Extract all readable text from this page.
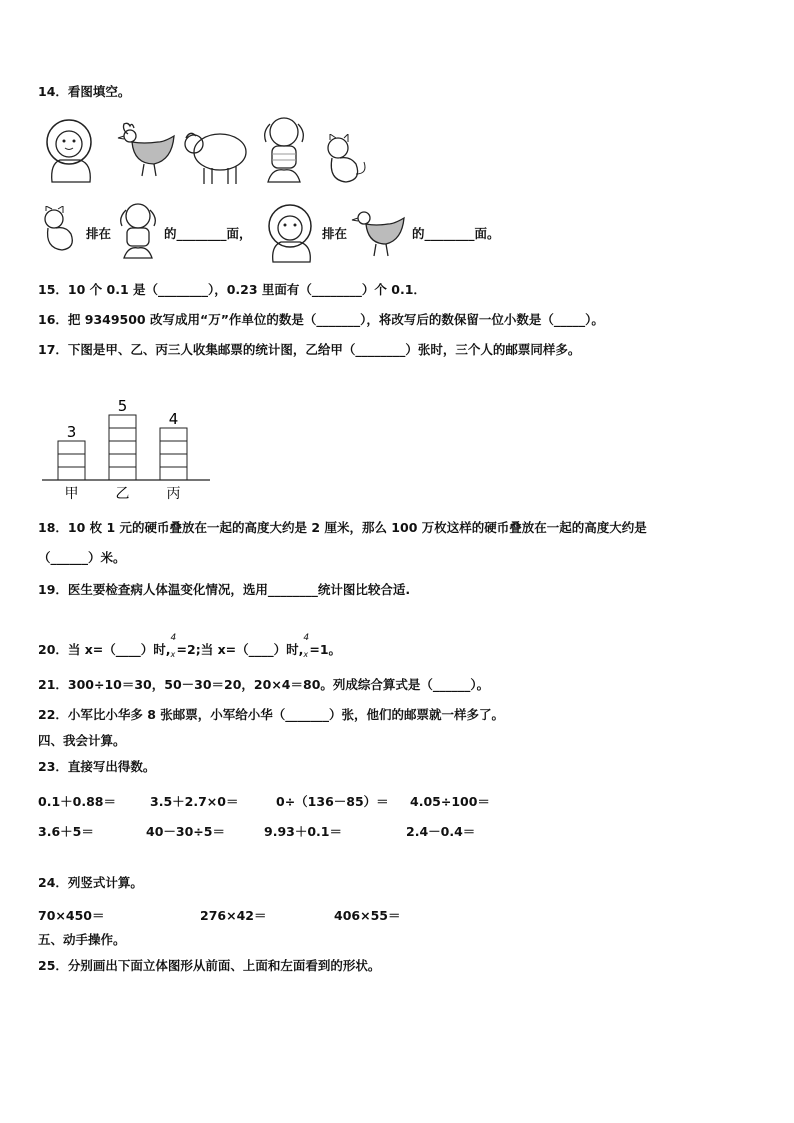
14．看图填空。
排在	的________面，	排在	的________面。
15．10 个 0.1 是（________），0.23 里面有（________）个 0.1．
16．把 9349500 改写成用“万”作单位的数是（_______），将改写后的数保留一位小数是（_____）。
17．下图是甲、乙、丙三人收集邮票的统计图，乙给甲（________）张时，三个人的邮票同样多。
3
甲
5
乙
4
丙
18．10 枚 1 元的硬币叠放在一起的高度大约是 2 厘米，那么 100 万枚这样的硬币叠放在一起的高度大约是
（______）米。
19．医生要检查病人体温变化情况，选用________统计图比较合适.
20．当 x=（____）时,
4
x =2;当 x=（____）时,
4
x =1。
21．300÷10＝30，50－30＝20，20×4＝80。列成综合算式是（______）。
22．小军比小华多 8 张邮票，小军给小华（_______）张，他们的邮票就一样多了。
四、我会计算。
23．直接写出得数。
0.1＋0.88＝	3.5＋2.7×0＝	0÷（136－85）＝ 4.05÷100＝
3.6＋5＝	40－30÷5＝	9.93＋0.1＝	2.4－0.4＝
24．列竖式计算。
70×450＝	276×42＝	406×55＝
五、动手操作。
25．分别画出下面立体图形从前面、上面和左面看到的形状。
